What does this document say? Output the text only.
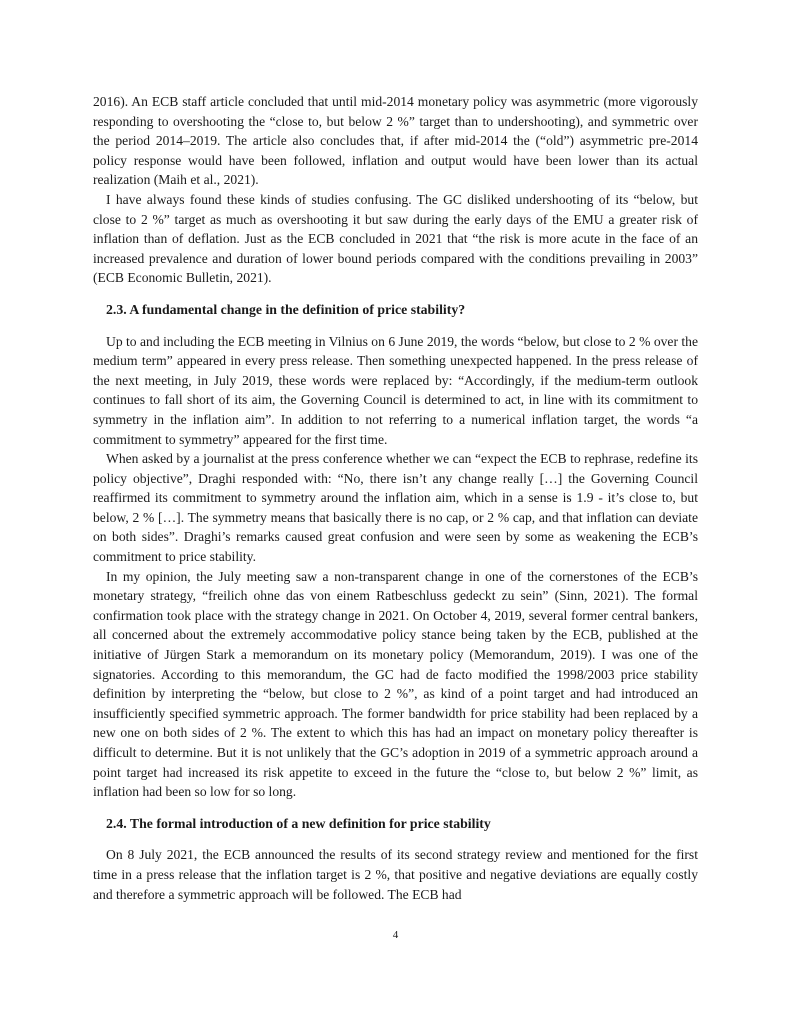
2016). An ECB staff article concluded that until mid-2014 monetary policy was asymmetric (more vigorously responding to overshooting the “close to, but below 2 %” target than to undershooting), and symmetric over the period 2014–2019. The article also concludes that, if after mid-2014 the (“old”) asymmetric pre-2014 policy response would have been followed, inflation and output would have been lower than its actual realization (Maih et al., 2021).

I have always found these kinds of studies confusing. The GC disliked undershooting of its “below, but close to 2 %” target as much as overshooting it but saw during the early days of the EMU a greater risk of inflation than of deflation. Just as the ECB concluded in 2021 that “the risk is more acute in the face of an increased prevalence and duration of lower bound periods compared with the conditions prevailing in 2003” (ECB Economic Bulletin, 2021).

2.3. A fundamental change in the definition of price stability?

Up to and including the ECB meeting in Vilnius on 6 June 2019, the words “below, but close to 2 % over the medium term” appeared in every press release. Then something unexpected happened. In the press release of the next meeting, in July 2019, these words were replaced by: “Accordingly, if the medium-term outlook continues to fall short of its aim, the Governing Council is determined to act, in line with its commitment to symmetry in the inflation aim”. In addition to not referring to a numerical inflation target, the words “a commitment to symmetry” appeared for the first time.

When asked by a journalist at the press conference whether we can “expect the ECB to rephrase, redefine its policy objective”, Draghi responded with: “No, there isn’t any change really […] the Governing Council reaffirmed its commitment to symmetry around the inflation aim, which in a sense is 1.9 - it’s close to, but below, 2 % […]. The symmetry means that basically there is no cap, or 2 % cap, and that inflation can deviate on both sides”. Draghi’s remarks caused great confusion and were seen by some as weakening the ECB’s commitment to price stability.

In my opinion, the July meeting saw a non-transparent change in one of the cornerstones of the ECB’s monetary strategy, “freilich ohne das von einem Ratbeschluss gedeckt zu sein” (Sinn, 2021). The formal confirmation took place with the strategy change in 2021. On October 4, 2019, several former central bankers, all concerned about the extremely accommodative policy stance being taken by the ECB, published at the initiative of Jürgen Stark a memorandum on its monetary policy (Memorandum, 2019). I was one of the signatories. According to this memorandum, the GC had de facto modified the 1998/2003 price stability definition by interpreting the “below, but close to 2 %”, as kind of a point target and had introduced an insufficiently specified symmetric approach. The former bandwidth for price stability had been replaced by a new one on both sides of 2 %. The extent to which this has had an impact on monetary policy thereafter is difficult to determine. But it is not unlikely that the GC’s adoption in 2019 of a symmetric approach around a point target had increased its risk appetite to exceed in the future the “close to, but below 2 %” limit, as inflation had been so low for so long.

2.4. The formal introduction of a new definition for price stability

On 8 July 2021, the ECB announced the results of its second strategy review and mentioned for the first time in a press release that the inflation target is 2 %, that positive and negative deviations are equally costly and therefore a symmetric approach will be followed. The ECB had

4
